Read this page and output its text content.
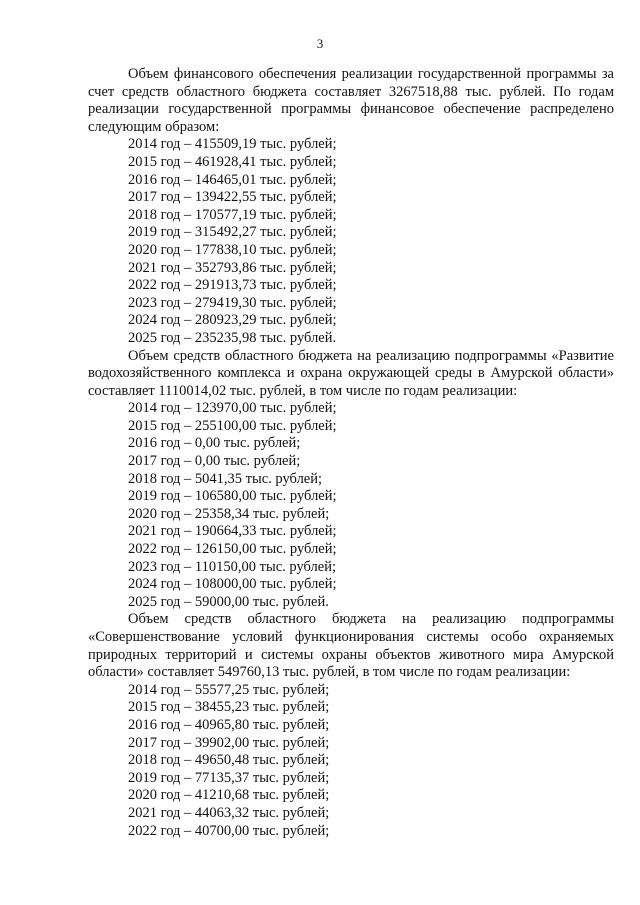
3

Объем финансового обеспечения реализации государственной программы за счет средств областного бюджета составляет 3267518,88 тыс. рублей. По годам реализации государственной программы финансовое обеспечение распределено следующим образом:

2014 год – 415509,19 тыс. рублей;
2015 год – 461928,41 тыс. рублей;
2016 год – 146465,01 тыс. рублей;
2017 год – 139422,55 тыс. рублей;
2018 год – 170577,19 тыс. рублей;
2019 год – 315492,27 тыс. рублей;
2020 год – 177838,10 тыс. рублей;
2021 год – 352793,86 тыс. рублей;
2022 год – 291913,73 тыс. рублей;
2023 год – 279419,30 тыс. рублей;
2024 год – 280923,29 тыс. рублей;
2025 год – 235235,98 тыс. рублей.

Объем средств областного бюджета на реализацию подпрограммы «Развитие водохозяйственного комплекса и охрана окружающей среды в Амурской области» составляет 1110014,02 тыс. рублей, в том числе по годам реализации:

2014 год – 123970,00 тыс. рублей;
2015 год – 255100,00 тыс. рублей;
2016 год – 0,00 тыс. рублей;
2017 год – 0,00 тыс. рублей;
2018 год – 5041,35 тыс. рублей;
2019 год – 106580,00 тыс. рублей;
2020 год – 25358,34 тыс. рублей;
2021 год – 190664,33 тыс. рублей;
2022 год – 126150,00 тыс. рублей;
2023 год – 110150,00 тыс. рублей;
2024 год – 108000,00 тыс. рублей;
2025 год – 59000,00 тыс. рублей.

Объем средств областного бюджета на реализацию подпрограммы «Совершенствование условий функционирования системы особо охраняемых природных территорий и системы охраны объектов животного мира Амурской области» составляет 549760,13 тыс. рублей, в том числе по годам реализации:

2014 год – 55577,25 тыс. рублей;
2015 год – 38455,23 тыс. рублей;
2016 год – 40965,80 тыс. рублей;
2017 год – 39902,00 тыс. рублей;
2018 год – 49650,48 тыс. рублей;
2019 год – 77135,37 тыс. рублей;
2020 год – 41210,68 тыс. рублей;
2021 год – 44063,32 тыс. рублей;
2022 год – 40700,00 тыс. рублей;
